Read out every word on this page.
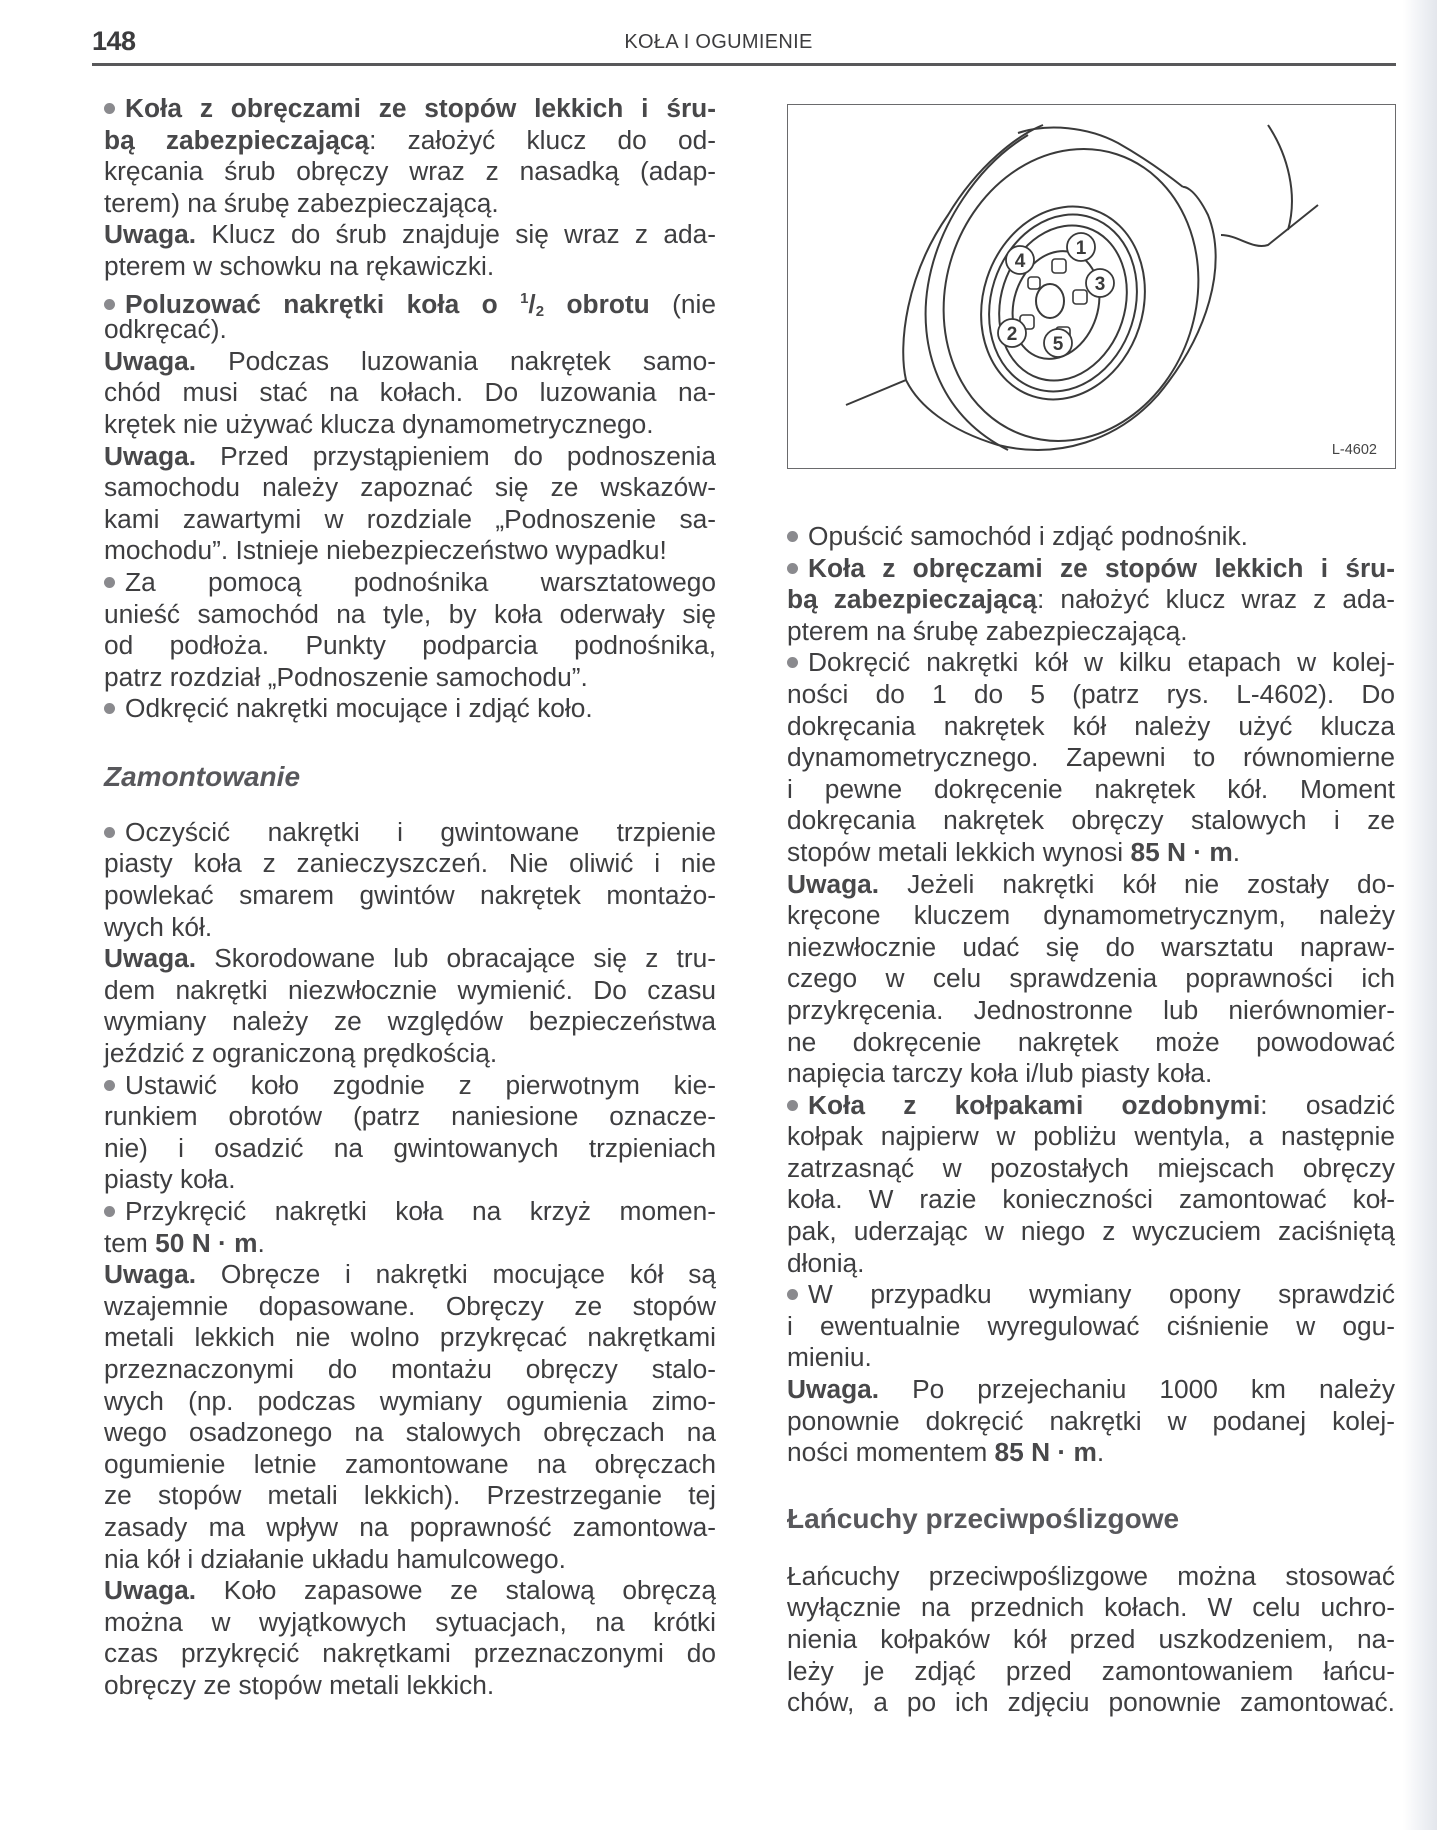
148	KOŁA I OGUMIENIE
Koła z obręczami ze stopów lekkich i śru-
bą zabezpieczającą: założyć klucz do od-
kręcania śrub obręczy wraz z nasadką (adap-
terem) na śrubę zabezpieczającą.
Uwaga. Klucz do śrub znajduje się wraz z ada-
pterem w schowku na rękawiczki.
Poluzować nakrętki koła o $^1$/2 obrotu (nie
odkręcać).
Uwaga. Podczas luzowania nakrętek samo-
chód musi stać na kołach. Do luzowania na-
krętek nie używać klucza dynamometrycznego.
Uwaga. Przed przystąpieniem do podnoszenia
samochodu należy zapoznać się ze wskazów-
kami zawartymi w rozdziale „Podnoszenie sa-
mochodu”. Istnieje niebezpieczeństwo wypadku!
Za pomocą podnośnika warsztatowego
unieść samochód na tyle, by koła oderwały się
od podłoża. Punkty podparcia podnośnika,
patrz rozdział „Podnoszenie samochodu”.
Odkręcić nakrętki mocujące i zdjąć koło.
Zamontowanie
Oczyścić nakrętki i gwintowane trzpienie
piasty koła z zanieczyszczeń. Nie oliwić i nie
powlekać smarem gwintów nakrętek montażo-
wych kół.
Uwaga. Skorodowane lub obracające się z tru-
dem nakrętki niezwłocznie wymienić. Do czasu
wymiany należy ze względów bezpieczeństwa
jeździć z ograniczoną prędkością.
Ustawić koło zgodnie z pierwotnym kie-
runkiem obrotów (patrz naniesione oznacze-
nie) i osadzić na gwintowanych trzpieniach
piasty koła.
Przykręcić nakrętki koła na krzyż momen-
tem 50 N · m.
Uwaga. Obręcze i nakrętki mocujące kół są
wzajemnie dopasowane. Obręczy ze stopów
metali lekkich nie wolno przykręcać nakrętkami
przeznaczonymi do montażu obręczy stalo-
wych (np. podczas wymiany ogumienia zimo-
wego osadzonego na stalowych obręczach na
ogumienie letnie zamontowane na obręczach
ze stopów metali lekkich). Przestrzeganie tej
zasady ma wpływ na poprawność zamontowa-
nia kół i działanie układu hamulcowego.
Uwaga. Koło zapasowe ze stalową obręczą
można w wyjątkowych sytuacjach, na krótki
czas przykręcić nakrętkami przeznaczonymi do
obręczy ze stopów metali lekkich.
1
4
3
2 5
L-4602
Opuścić samochód i zdjąć podnośnik.
Koła z obręczami ze stopów lekkich i śru-
bą zabezpieczającą: nałożyć klucz wraz z ada-
pterem na śrubę zabezpieczającą.
Dokręcić nakrętki kół w kilku etapach w kolej-
ności do 1 do 5 (patrz rys. L-4602). Do
dokręcania nakrętek kół należy użyć klucza
dynamometrycznego. Zapewni to równomierne
i pewne dokręcenie nakrętek kół. Moment
dokręcania nakrętek obręczy stalowych i ze
stopów metali lekkich wynosi 85 N · m.
Uwaga. Jeżeli nakrętki kół nie zostały do-
kręcone kluczem dynamometrycznym, należy
niezwłocznie udać się do warsztatu napraw-
czego w celu sprawdzenia poprawności ich
przykręcenia. Jednostronne lub nierównomier-
ne dokręcenie nakrętek może powodować
napięcia tarczy koła i/lub piasty koła.
Koła z kołpakami ozdobnymi: osadzić
kołpak najpierw w pobliżu wentyla, a następnie
zatrzasnąć w pozostałych miejscach obręczy
koła. W razie konieczności zamontować koł-
pak, uderzając w niego z wyczuciem zaciśniętą
dłonią.
W przypadku wymiany opony sprawdzić
i ewentualnie wyregulować ciśnienie w ogu-
mieniu.
Uwaga. Po przejechaniu 1000 km należy
ponownie dokręcić nakrętki w podanej kolej-
ności momentem 85 N · m.
Łańcuchy przeciwpoślizgowe
Łańcuchy przeciwpoślizgowe można stosować
wyłącznie na przednich kołach. W celu uchro-
nienia kołpaków kół przed uszkodzeniem, na-
leży je zdjąć przed zamontowaniem łańcu-
chów, a po ich zdjęciu ponownie zamontować.
